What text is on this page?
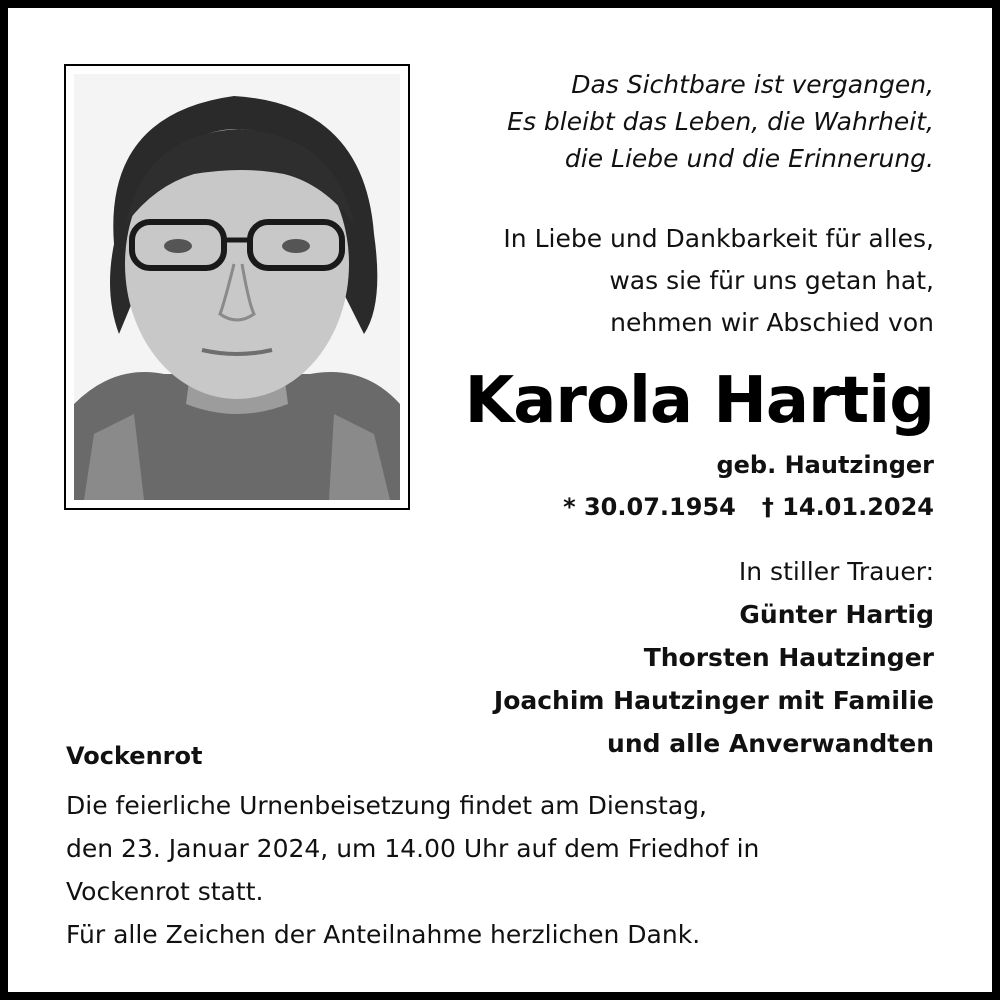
Das Sichtbare ist vergangen,
Es bleibt das Leben, die Wahrheit,
die Liebe und die Erinnerung.
In Liebe und Dankbarkeit für alles,
was sie für uns getan hat,
nehmen wir Abschied von
Karola Hartig
geb. Hautzinger
* 30.07.1954 † 14.01.2024
In stiller Trauer:
Günter Hartig
Thorsten Hautzinger
Joachim Hautzinger mit Familie
und alle Anverwandten
Vockenrot
Die feierliche Urnenbeisetzung findet am Dienstag,
den 23. Januar 2024, um 14.00 Uhr auf dem Friedhof in
Vockenrot statt.
Für alle Zeichen der Anteilnahme herzlichen Dank.
